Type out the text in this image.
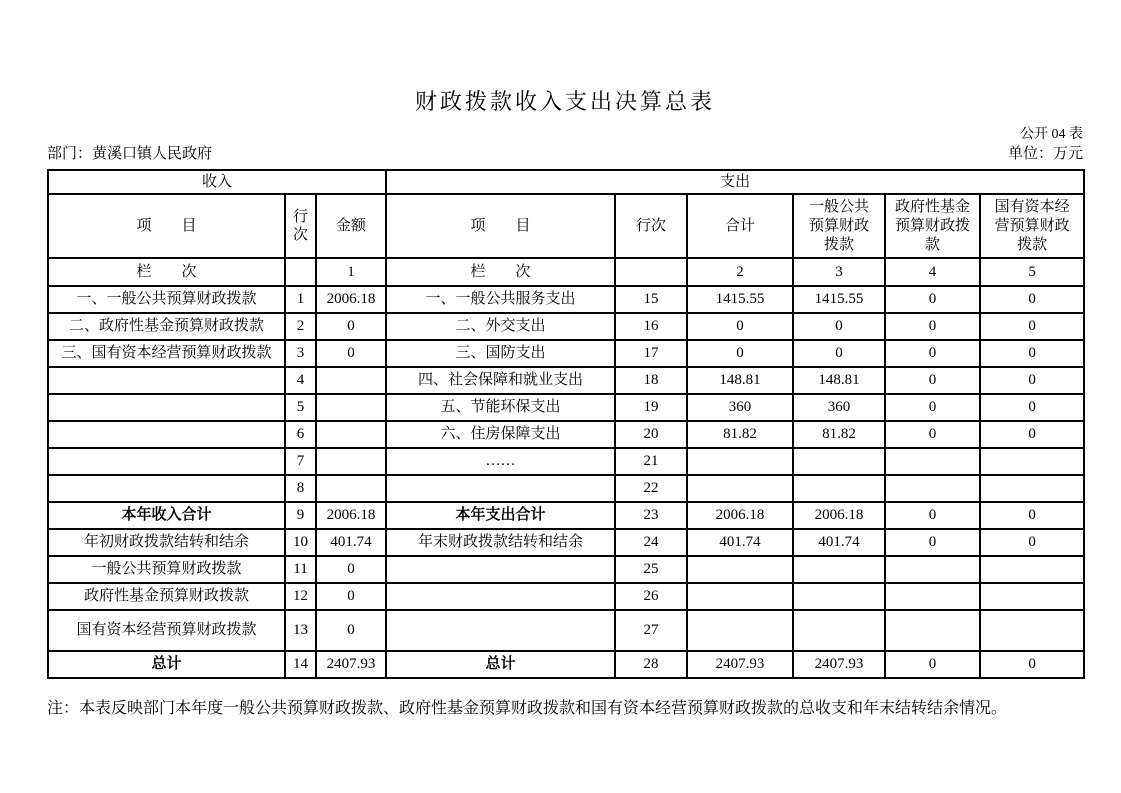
财政拨款收入支出决算总表
公开 04 表
部门：黄溪口镇人民政府	单位：万元
收入			支出					
项　　目	行次	金额	项　　目	行次	合计	一般公共预算财政拨款	政府性基金预算财政拨款	国有资本经营预算财政拨款
栏　　次		1	栏　　次		2	3	4	5
一、一般公共预算财政拨款	1	2006.18	一、一般公共服务支出	15	1415.55	1415.55	0	0
二、政府性基金预算财政拨款	2	0	二、外交支出	16	0	0	0	0
三、国有资本经营预算财政拨款	3	0	三、国防支出	17	0	0	0	0
	4		四、社会保障和就业支出	18	148.81	148.81	0	0
	5		五、节能环保支出	19	360	360	0	0
	6		六、住房保障支出	20	81.82	81.82	0	0
	7		……	21				
	8			22				
本年收入合计	9	2006.18	本年支出合计	23	2006.18	2006.18	0	0
年初财政拨款结转和结余	10	401.74	年末财政拨款结转和结余	24	401.74	401.74	0	0
一般公共预算财政拨款	11	0		25				
政府性基金预算财政拨款	12	0		26				
国有资本经营预算财政拨款	13	0		27				
总计	14	2407.93	总计	28	2407.93	2407.93	0	0
注：本表反映部门本年度一般公共预算财政拨款、政府性基金预算财政拨款和国有资本经营预算财政拨款的总收支和年末结转结余情况。
